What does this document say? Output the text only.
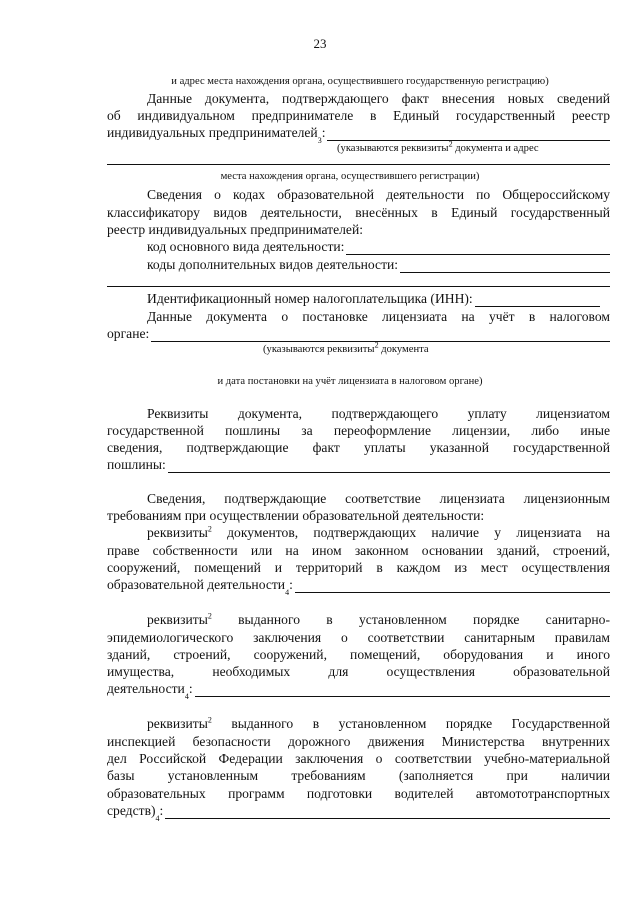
23
и адрес места нахождения органа, осуществившего государственную регистрацию)
Данные документа, подтверждающего факт внесения новых сведений
об индивидуальном предпринимателе в Единый государственный реестр
индивидуальных предпринимателей
3
:
(указываются реквизиты$^2$ документа и адрес
места нахождения органа, осуществившего регистрации)
Сведения о кодах образовательной деятельности по Общероссийскому
классификатору видов деятельности, внесённых в Единый государственный
реестр индивидуальных предпринимателей:
код основного вида деятельности:
коды дополнительных видов деятельности:
Идентификационный номер налогоплательщика (ИНН):
Данные документа о постановке лицензиата на учёт в налоговом
органе:
(указываются реквизиты$^2$ документа
и дата постановки на учёт лицензиата в налоговом органе)
Реквизиты документа, подтверждающего уплату лицензиатом
государственной пошлины за переоформление лицензии, либо иные
сведения, подтверждающие факт уплаты указанной государственной
пошлины:
Сведения, подтверждающие соответствие лицензиата лицензионным
требованиям при осуществлении образовательной деятельности:
реквизиты$^2$ документов, подтверждающих наличие у лицензиата на
праве собственности или на ином законном основании зданий, строений,
сооружений, помещений и территорий в каждом из мест осуществления
образовательной деятельности
4
:
реквизиты$^2$ выданного в установленном порядке санитарно-
эпидемиологического заключения о соответствии санитарным правилам
зданий, строений, сооружений, помещений, оборудования и иного
имущества, необходимых для осуществления образовательной
деятельности
4
:
реквизиты$^2$ выданного в установленном порядке Государственной
инспекцией безопасности дорожного движения Министерства внутренних
дел Российской Федерации заключения о соответствии учебно-материальной
базы установленным требованиям (заполняется при наличии
образовательных программ подготовки водителей автомототранспортных
средств)
4
:
